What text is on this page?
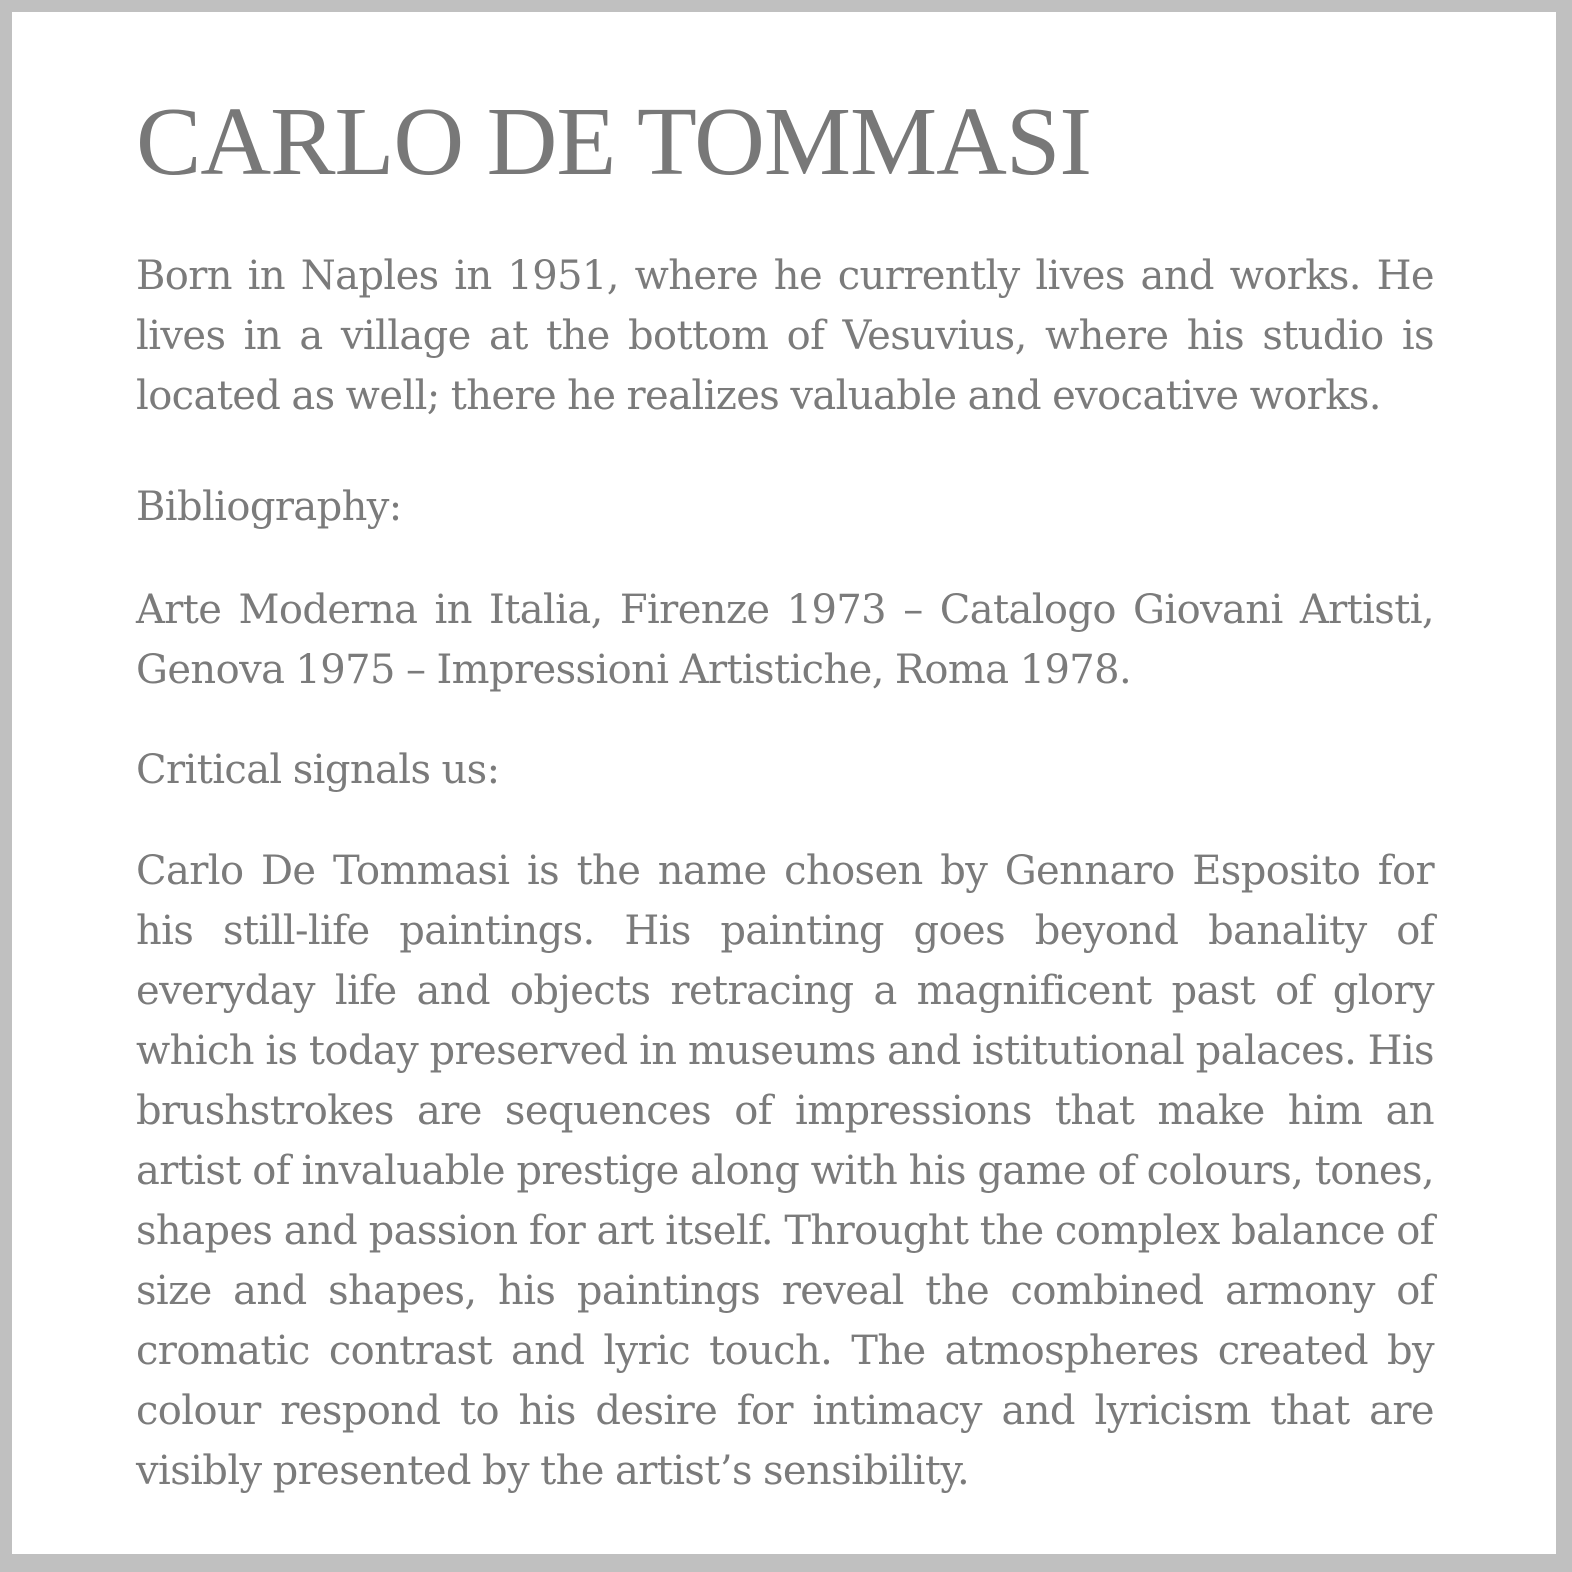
CARLO DE TOMMASI

Born in Naples in 1951, where he currently lives and works. He lives in a village at the bottom of Vesuvius, where his studio is located as well; there he realizes valuable and evocative works.

Bibliography:

Arte Moderna in Italia, Firenze 1973 – Catalogo Giovani Artisti, Genova 1975 – Impressioni Artistiche, Roma 1978.

Critical signals us:

Carlo De Tommasi is the name chosen by Gennaro Esposito for his still-life paintings. His painting goes beyond banality of everyday life and objects retracing a magnificent past of glory which is today preserved in museums and istitutional palaces. His brushstrokes are sequences of impressions that make him an artist of invaluable prestige along with his game of colours, tones, shapes and passion for art itself. Throught the complex balance of size and shapes, his paintings reveal the combined armony of cromatic contrast and lyric touch. The atmospheres created by colour respond to his desire for intimacy and lyricism that are visibly presented by the artist’s sensibility.
